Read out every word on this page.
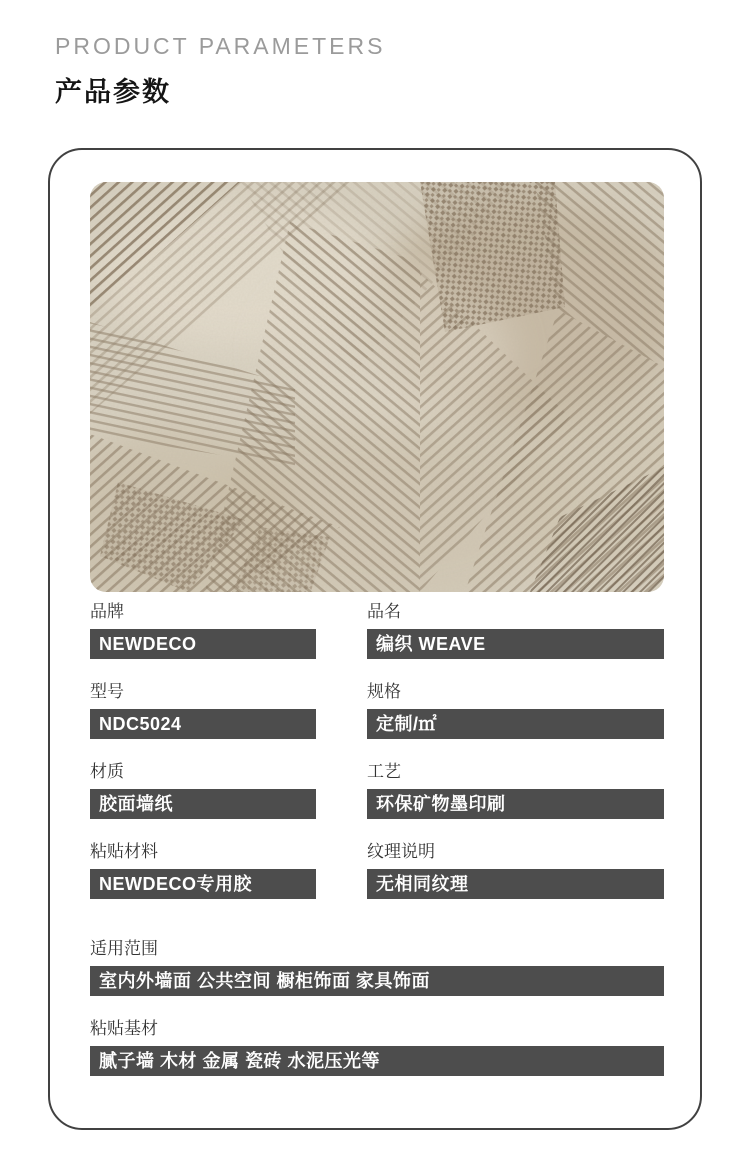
PRODUCT PARAMETERS
产品参数
品牌
NEWDECO
品名
编织 WEAVE
型号
NDC5024
规格
定制/㎡
材质
胶面墙纸
工艺
环保矿物墨印刷
粘贴材料
NEWDECO专用胶
纹理说明
无相同纹理
适用范围
室内外墙面 公共空间 橱柜饰面 家具饰面
粘贴基材
腻子墙 木材 金属 瓷砖 水泥压光等
